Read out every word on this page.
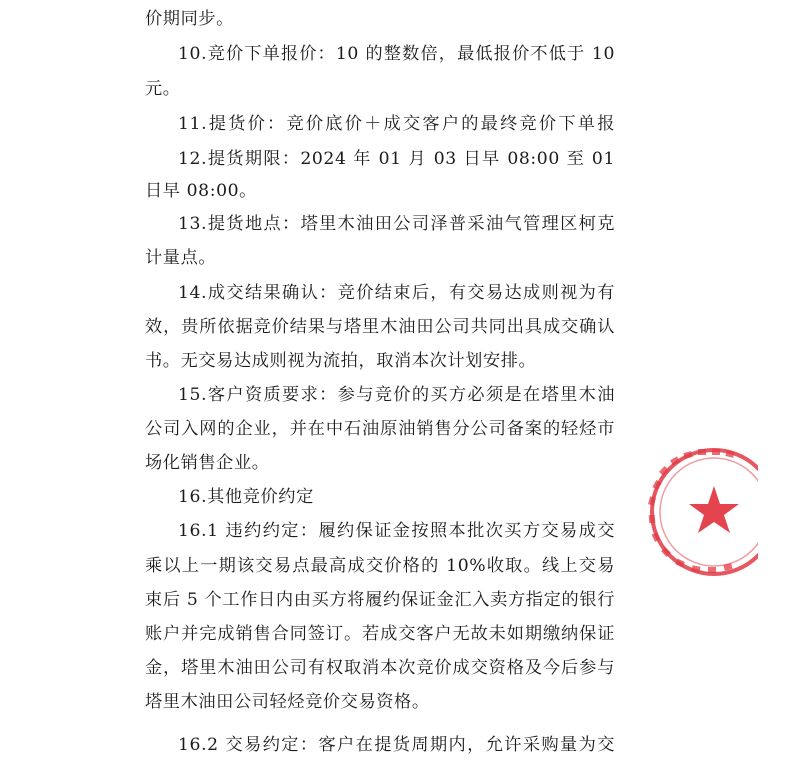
价期同步。
10.竞价下单报价：10 的整数倍，最低报价不低于 10
元。
11.提货价：竞价底价＋成交客户的最终竞价下单报
12.提货期限：2024 年 01 月 03 日早 08:00 至 01
日早 08:00。
13.提货地点：塔里木油田公司泽普采油气管理区柯克
计量点。
14.成交结果确认：竞价结束后，有交易达成则视为有
效，贵所依据竞价结果与塔里木油田公司共同出具成交确认
书。无交易达成则视为流拍，取消本次计划安排。
15.客户资质要求：参与竞价的买方必须是在塔里木油
公司入网的企业，并在中石油原油销售分公司备案的轻烃市
场化销售企业。
16.其他竞价约定
16.1 违约约定：履约保证金按照本批次买方交易成交
乘以上一期该交易点最高成交价格的 10%收取。线上交易
束后 5 个工作日内由买方将履约保证金汇入卖方指定的银行
账户并完成销售合同签订。若成交客户无故未如期缴纳保证
金，塔里木油田公司有权取消本次竞价成交资格及今后参与
塔里木油田公司轻烃竞价交易资格。
16.2 交易约定：客户在提货周期内，允许采购量为交
